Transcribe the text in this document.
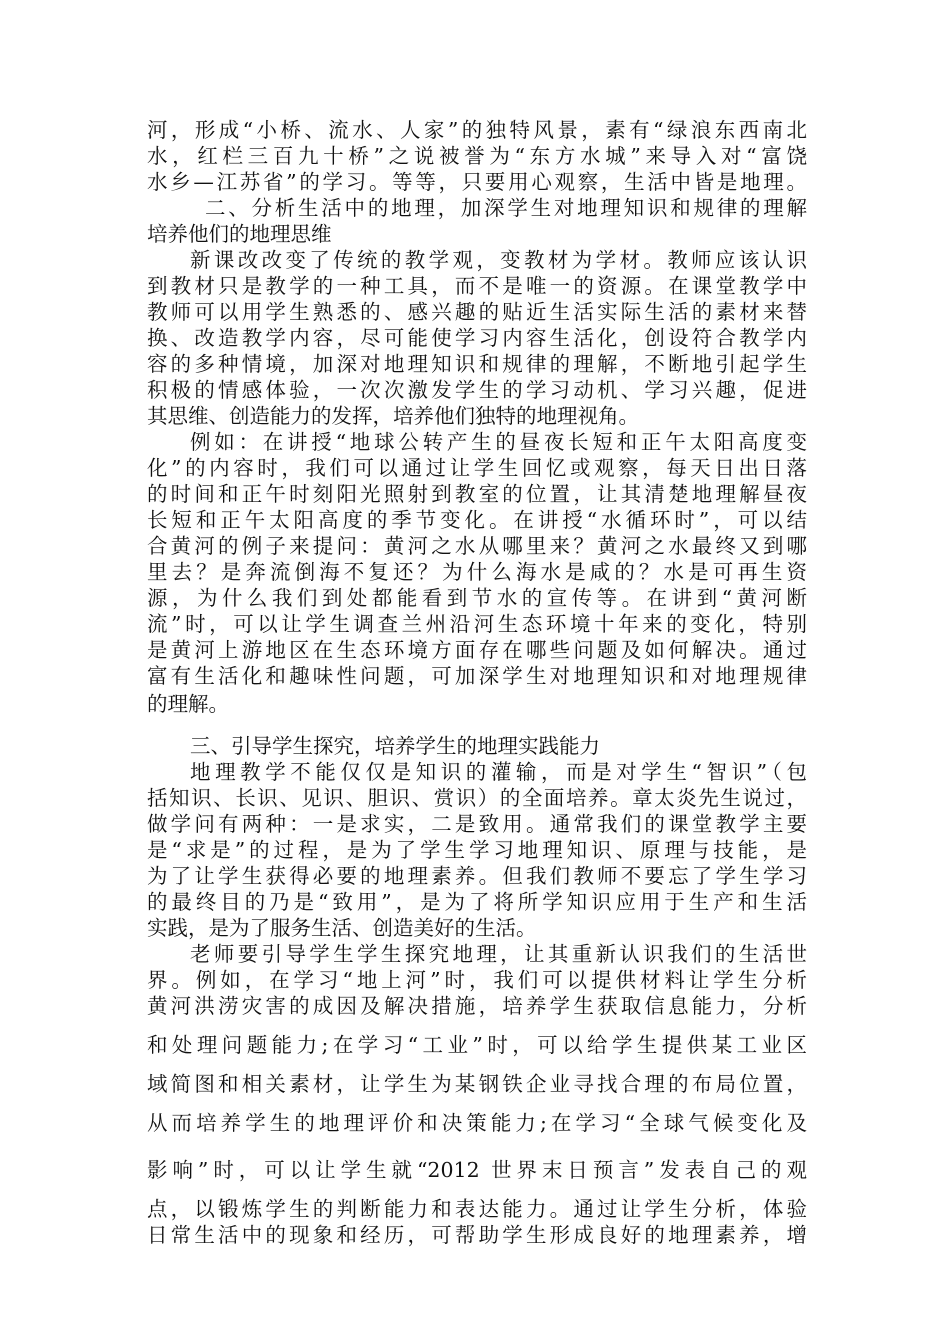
河，形成“小桥、流水、人家”的独特风景，素有“绿浪东西南北
水，红栏三百九十桥”之说被誉为“东方水城”来导入对“富饶
水乡—江苏省”的学习。等等，只要用心观察，生活中皆是地理。
二、分析生活中的地理，加深学生对地理知识和规律的理解
培养他们的地理思维
新课改改变了传统的教学观，变教材为学材。教师应该认识
到教材只是教学的一种工具，而不是唯一的资源。在课堂教学中
教师可以用学生熟悉的、感兴趣的贴近生活实际生活的素材来替
换、改造教学内容，尽可能使学习内容生活化，创设符合教学内
容的多种情境，加深对地理知识和规律的理解，不断地引起学生
积极的情感体验，一次次激发学生的学习动机、学习兴趣，促进
其思维、创造能力的发挥，培养他们独特的地理视角。
例如：在讲授“地球公转产生的昼夜长短和正午太阳高度变
化”的内容时，我们可以通过让学生回忆或观察，每天日出日落
的时间和正午时刻阳光照射到教室的位置，让其清楚地理解昼夜
长短和正午太阳高度的季节变化。在讲授“水循环时”，可以结
合黄河的例子来提问：黄河之水从哪里来？黄河之水最终又到哪
里去？是奔流倒海不复还？为什么海水是咸的？水是可再生资
源，为什么我们到处都能看到节水的宣传等。在讲到“黄河断
流”时，可以让学生调查兰州沿河生态环境十年来的变化，特别
是黄河上游地区在生态环境方面存在哪些问题及如何解决。通过
富有生活化和趣味性问题，可加深学生对地理知识和对地理规律
的理解。
三、引导学生探究，培养学生的地理实践能力
地理教学不能仅仅是知识的灌输，而是对学生“智识”（包
括知识、长识、见识、胆识、赏识）的全面培养。章太炎先生说过，
做学问有两种：一是求实，二是致用。通常我们的课堂教学主要
是“求是”的过程，是为了学生学习地理知识、原理与技能，是
为了让学生获得必要的地理素养。但我们教师不要忘了学生学习
的最终目的乃是“致用”，是为了将所学知识应用于生产和生活
实践，是为了服务生活、创造美好的生活。
老师要引导学生学生探究地理，让其重新认识我们的生活世
界。例如，在学习“地上河”时，我们可以提供材料让学生分析
黄河洪涝灾害的成因及解决措施，培养学生获取信息能力，分析
和处理问题能力;在学习“工业”时，可以给学生提供某工业区
域简图和相关素材，让学生为某钢铁企业寻找合理的布局位置，
从而培养学生的地理评价和决策能力;在学习“全球气候变化及
影响”时，可以让学生就“2012 世界末日预言”发表自己的观
点，以锻炼学生的判断能力和表达能力。通过让学生分析，体验
日常生活中的现象和经历，可帮助学生形成良好的地理素养，增
